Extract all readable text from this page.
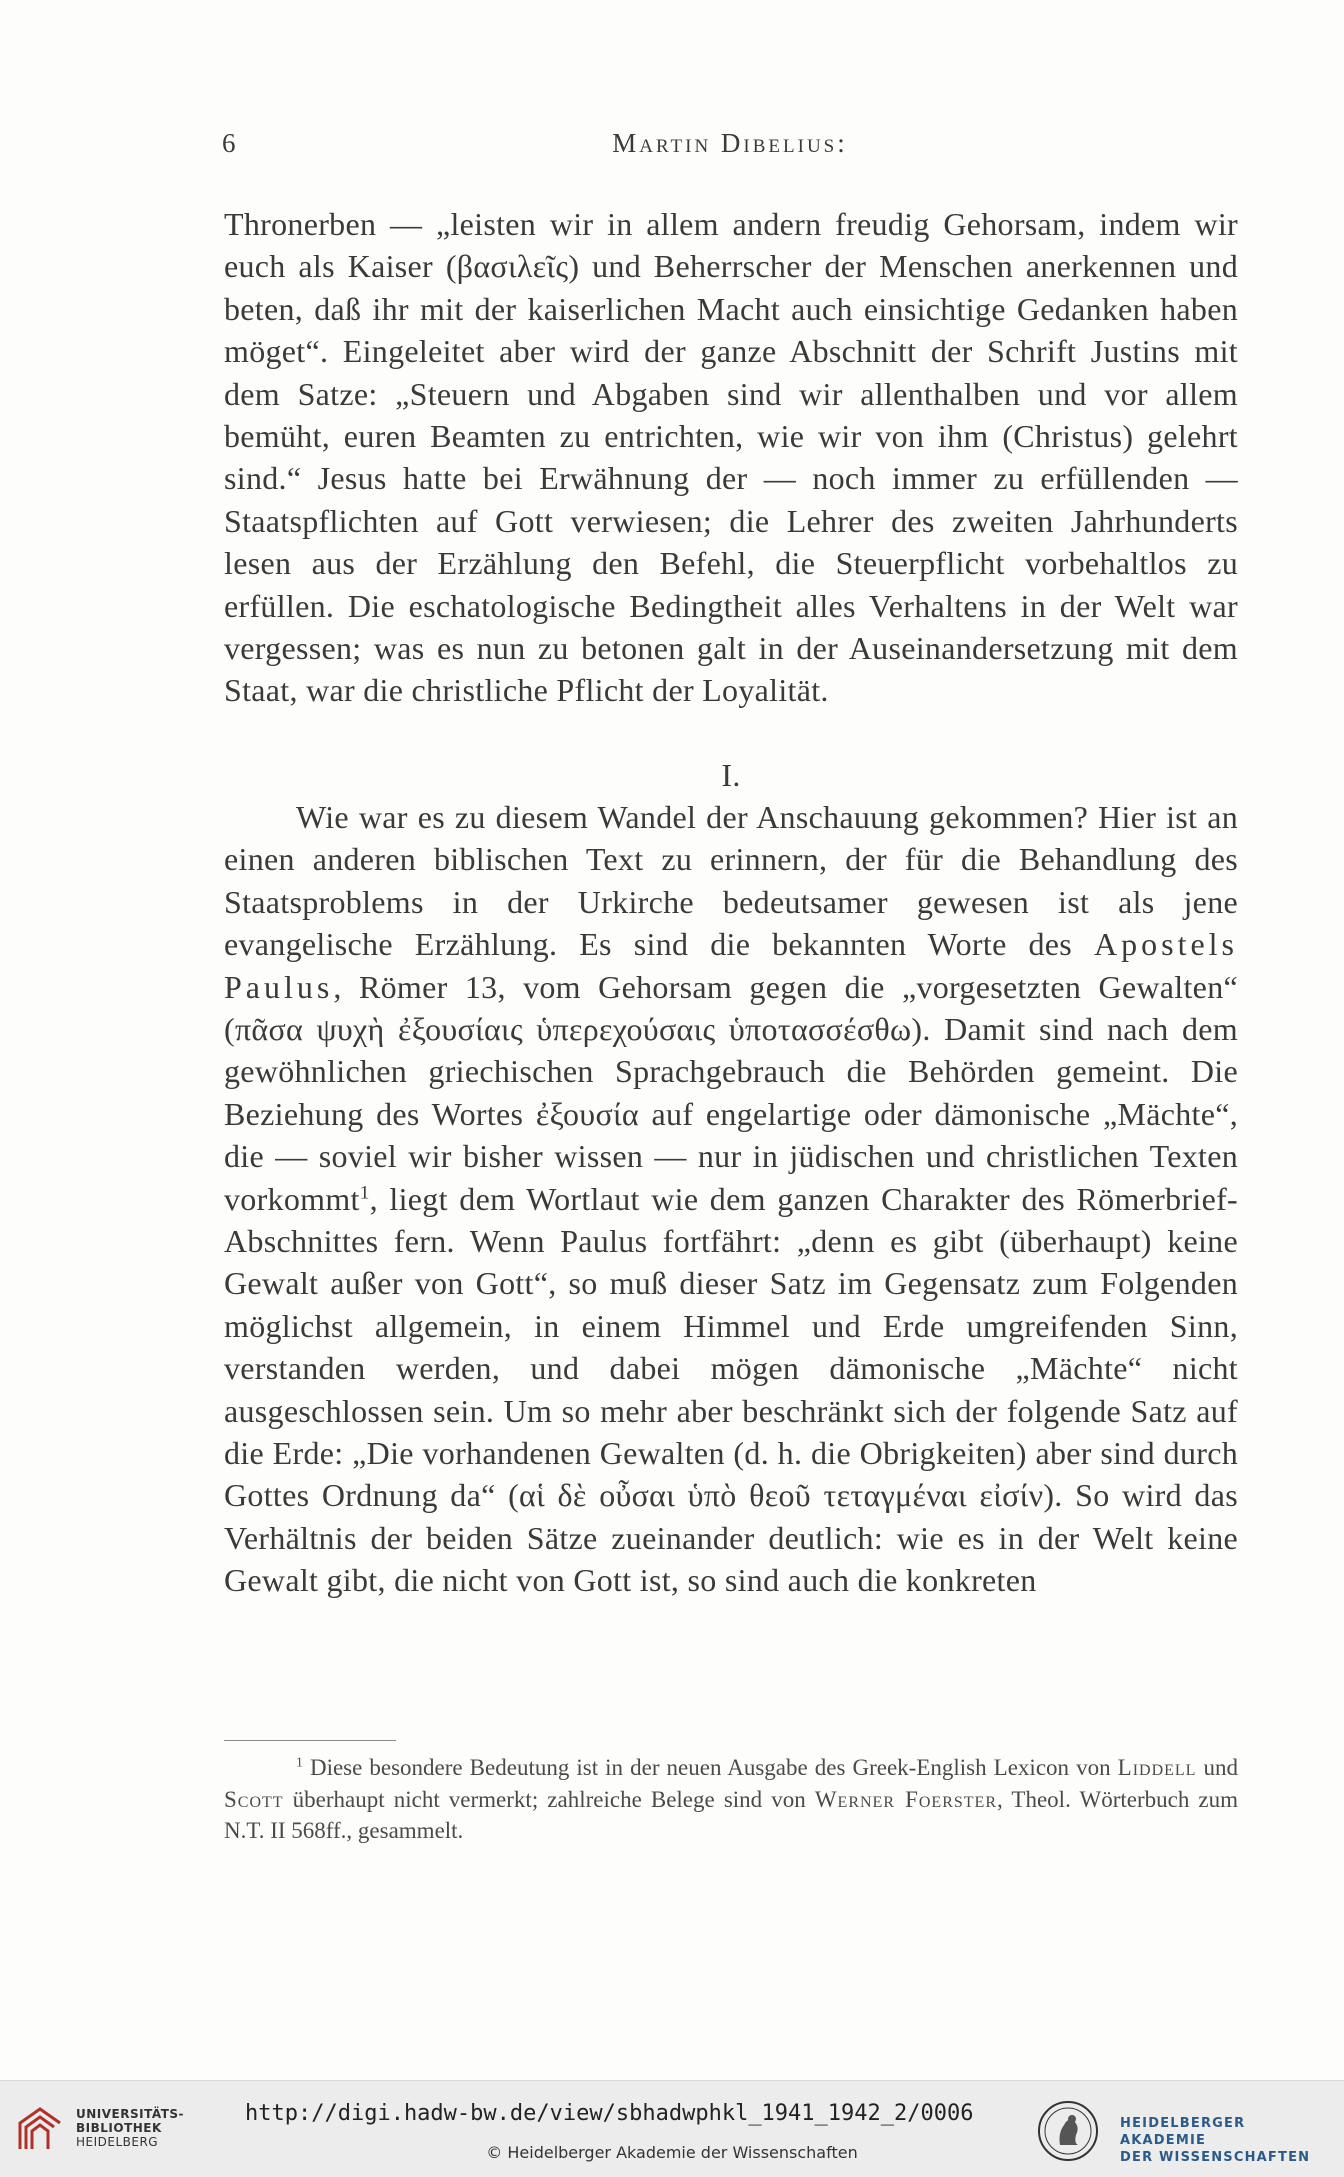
6	Martin Dibelius:

Thronerben — „leisten wir in allem andern freudig Gehorsam, indem wir euch als Kaiser (βασιλεῖς) und Beherrscher der Menschen anerkennen und beten, daß ihr mit der kaiserlichen Macht auch einsichtige Gedanken haben möget“. Eingeleitet aber wird der ganze Abschnitt der Schrift Justins mit dem Satze: „Steuern und Abgaben sind wir allenthalben und vor allem bemüht, euren Beamten zu entrichten, wie wir von ihm (Christus) gelehrt sind.“ Jesus hatte bei Erwähnung der — noch immer zu erfüllenden — Staatspflichten auf Gott verwiesen; die Lehrer des zweiten Jahrhunderts lesen aus der Erzählung den Befehl, die Steuerpflicht vorbehaltlos zu erfüllen. Die eschatologische Bedingtheit alles Verhaltens in der Welt war vergessen; was es nun zu betonen galt in der Auseinandersetzung mit dem Staat, war die christliche Pflicht der Loyalität.

I.

Wie war es zu diesem Wandel der Anschauung gekommen? Hier ist an einen anderen biblischen Text zu erinnern, der für die Behandlung des Staatsproblems in der Urkirche bedeutsamer gewesen ist als jene evangelische Erzählung. Es sind die bekannten Worte des Apostels Paulus, Römer 13, vom Gehorsam gegen die „vorgesetzten Gewalten“ (πᾶσα ψυχὴ ἐξουσίαις ὑπερεχούσαις ὑποτασσέσθω). Damit sind nach dem gewöhnlichen griechischen Sprachgebrauch die Behörden gemeint. Die Beziehung des Wortes ἐξουσία auf engelartige oder dämonische „Mächte“, die — soviel wir bisher wissen — nur in jüdischen und christlichen Texten vorkommt$^1$, liegt dem Wortlaut wie dem ganzen Charakter des Römerbrief-Abschnittes fern. Wenn Paulus fortfährt: „denn es gibt (überhaupt) keine Gewalt außer von Gott“, so muß dieser Satz im Gegensatz zum Folgenden möglichst allgemein, in einem Himmel und Erde umgreifenden Sinn, verstanden werden, und dabei mögen dämonische „Mächte“ nicht ausgeschlossen sein. Um so mehr aber beschränkt sich der folgende Satz auf die Erde: „Die vorhandenen Gewalten (d. h. die Obrigkeiten) aber sind durch Gottes Ordnung da“ (αἱ δὲ οὖσαι ὑπὸ θεοῦ τεταγμέναι εἰσίν). So wird das Verhältnis der beiden Sätze zueinander deutlich: wie es in der Welt keine Gewalt gibt, die nicht von Gott ist, so sind auch die konkreten

$^1$ Diese besondere Bedeutung ist in der neuen Ausgabe des Greek-English Lexicon von Liddell und Scott überhaupt nicht vermerkt; zahlreiche Belege sind von Werner Foerster, Theol. Wörterbuch zum N.T. II 568ff., gesammelt.

UNIVERSITÄTS-
BIBLIOTHEK
HEIDELBERG
http://digi.hadw-bw.de/view/sbhadwphkl_1941_1942_2/0006
© Heidelberger Akademie der Wissenschaften
HEIDELBERGER AKADEMIE
DER WISSENSCHAFTEN
